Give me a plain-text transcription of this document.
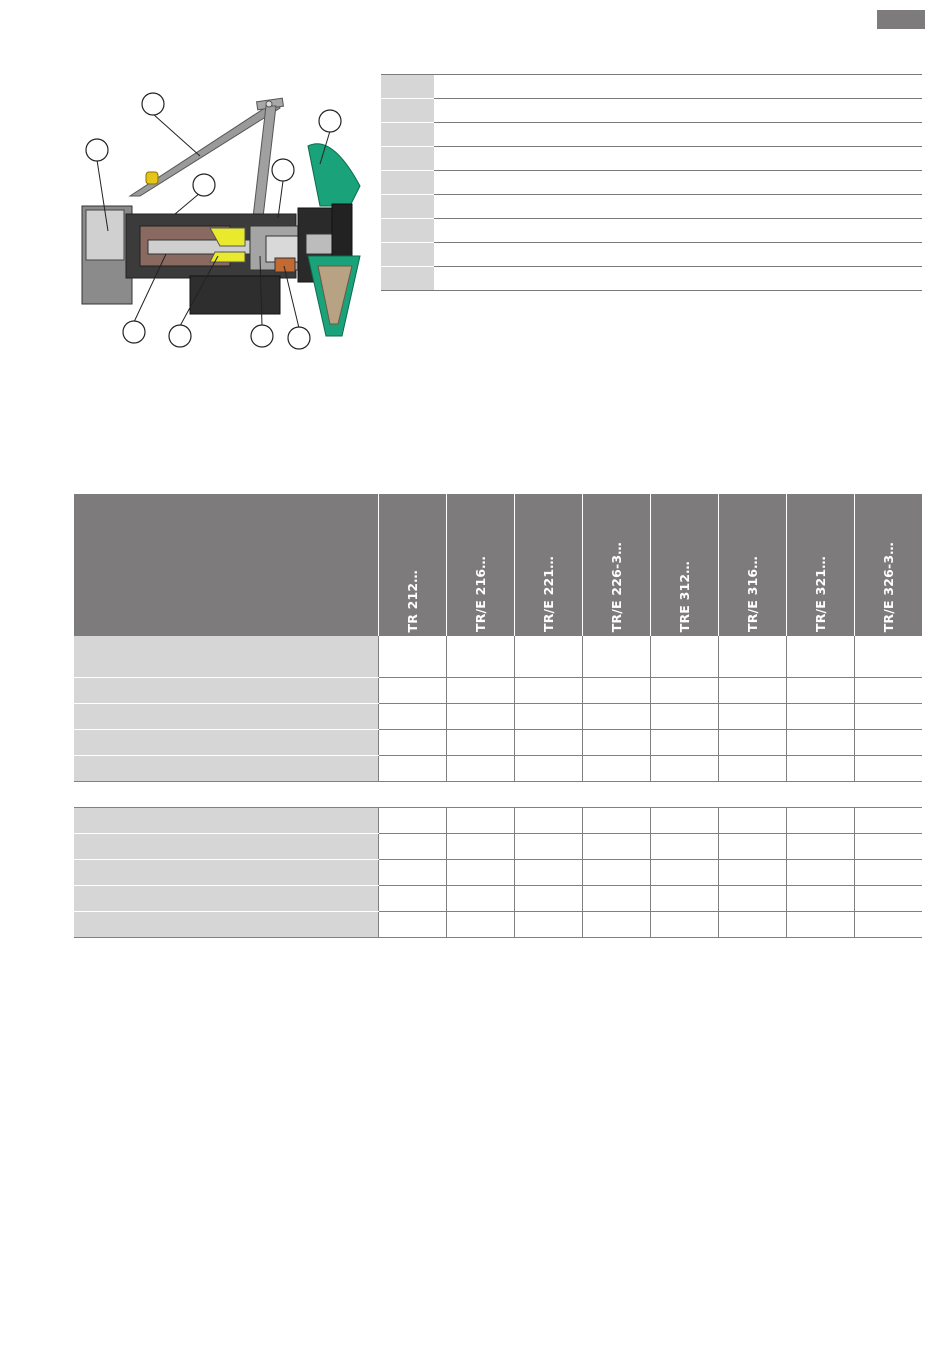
	TR 212…	TR/E 216…	TR/E 221…	TR/E 226-3…	TRE 312…	TR/E 316…	TR/E 321…	TR/E 326-3…
